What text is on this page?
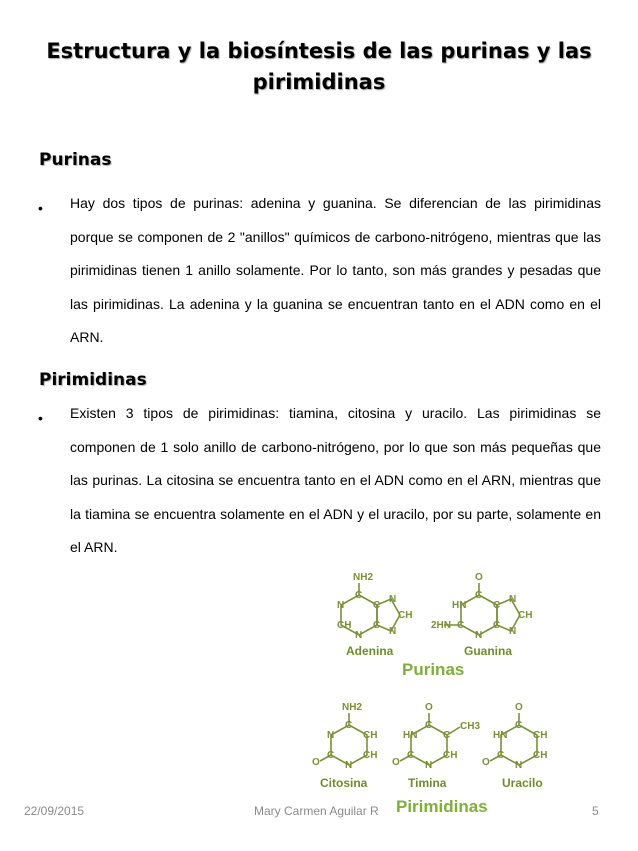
Estructura y la biosíntesis de las purinas y las pirimidinas
Purinas
• Hay dos tipos de purinas: adenina y guanina. Se diferencian de las pirimidinas porque se componen de 2 "anillos" químicos de carbono-nitrógeno, mientras que las pirimidinas tienen 1 anillo solamente. Por lo tanto, son más grandes y pesadas que las pirimidinas. La adenina y la guanina se encuentran tanto en el ADN como en el ARN.
Pirimidinas
• Existen 3 tipos de pirimidinas: tiamina, citosina y uracilo. Las pirimidinas se componen de 1 solo anillo de carbono-nitrógeno, por lo que son más pequeñas que las purinas. La citosina se encuentra tanto en el ADN como en el ARN, mientras que la tiamina se encuentra solamente en el ADN y el uracilo, por su parte, solamente en el ARN.
NH2
C
C
C
N
CH
N
N
CH
N
Adenina
O
C
C
C
N
C
HN
2HN
N
CH
N
Guanina
Purinas
NH2
C
CH
CH
N
C
N
O
Citosina
O
C
C
CH3
CH
N
C
HN
O
Timina
O
C
CH
CH
N
C
HN
O
Uracilo
Pirimidinas
22/09/2015	Mary Carmen Aguilar R	5
